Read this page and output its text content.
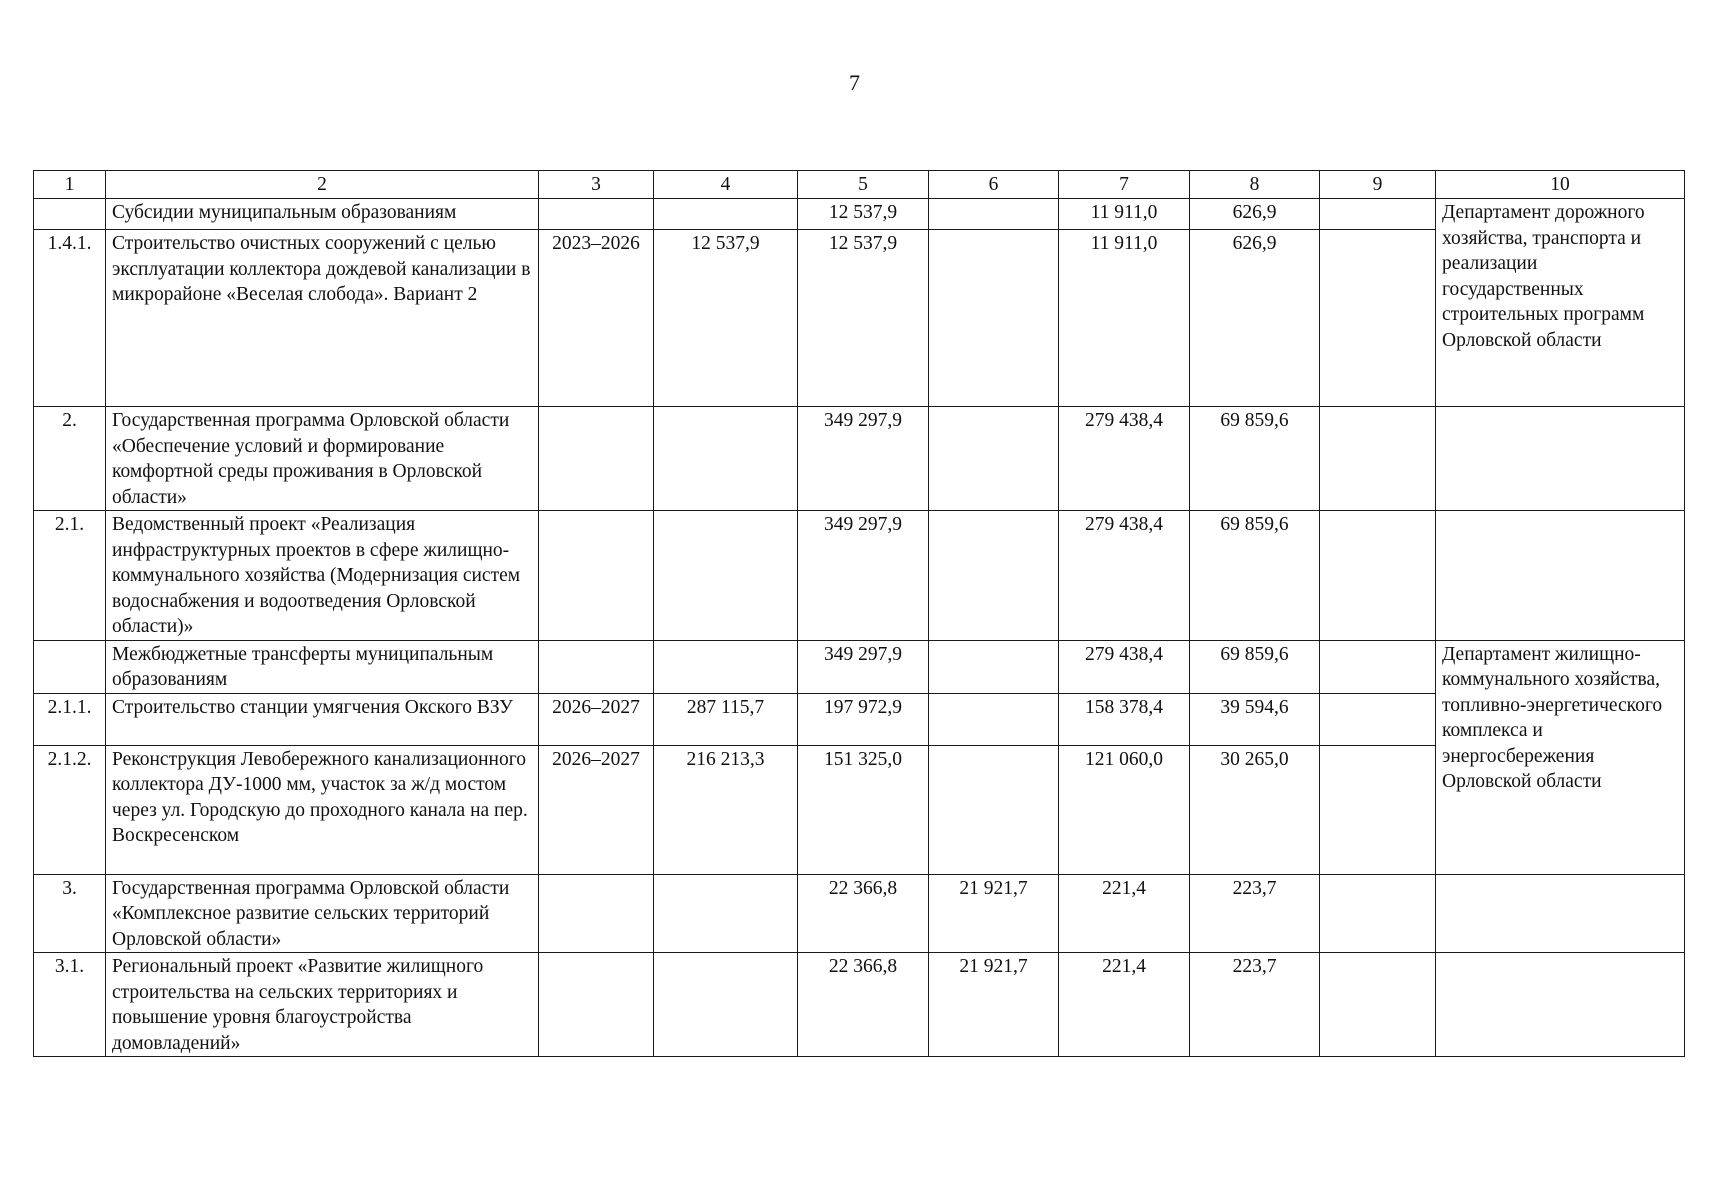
7
1	2	3	4	5	6	7	8	9	10
	Субсидии муниципальным образованиям			12 537,9		11 911,0	626,9		Департамент дорожного хозяйства, транспорта и реализации государственных строительных программ Орловской области
1.4.1.	Строительство очистных сооружений с целью эксплуатации коллектора дождевой канализации в микрорайоне «Веселая слобода». Вариант 2	2023–2026	12 537,9	12 537,9		11 911,0	626,9		
2.	Государственная программа Орловской области «Обеспечение условий и формирование комфортной среды проживания в Орловской области»			349 297,9		279 438,4	69 859,6		
2.1.	Ведомственный проект «Реализация инфраструктурных проектов в сфере жилищно-коммунального хозяйства (Модернизация систем водоснабжения и водоотведения Орловской области)»			349 297,9		279 438,4	69 859,6		
	Межбюджетные трансферты муниципальным образованиям			349 297,9		279 438,4	69 859,6		Департамент жилищно-коммунального хозяйства, топливно-энергетического комплекса и энергосбережения Орловской области
2.1.1.	Строительство станции умягчения Окского ВЗУ	2026–2027	287 115,7	197 972,9		158 378,4	39 594,6		
2.1.2.	Реконструкция Левобережного канализационного коллектора ДУ-1000 мм, участок за ж/д мостом через ул. Городскую до проходного канала на пер. Воскресенском	2026–2027	216 213,3	151 325,0		121 060,0	30 265,0		
3.	Государственная программа Орловской области «Комплексное развитие сельских территорий Орловской области»			22 366,8	21 921,7	221,4	223,7		
3.1.	Региональный проект «Развитие жилищного строительства на сельских территориях и повышение уровня благоустройства домовладений»			22 366,8	21 921,7	221,4	223,7		
